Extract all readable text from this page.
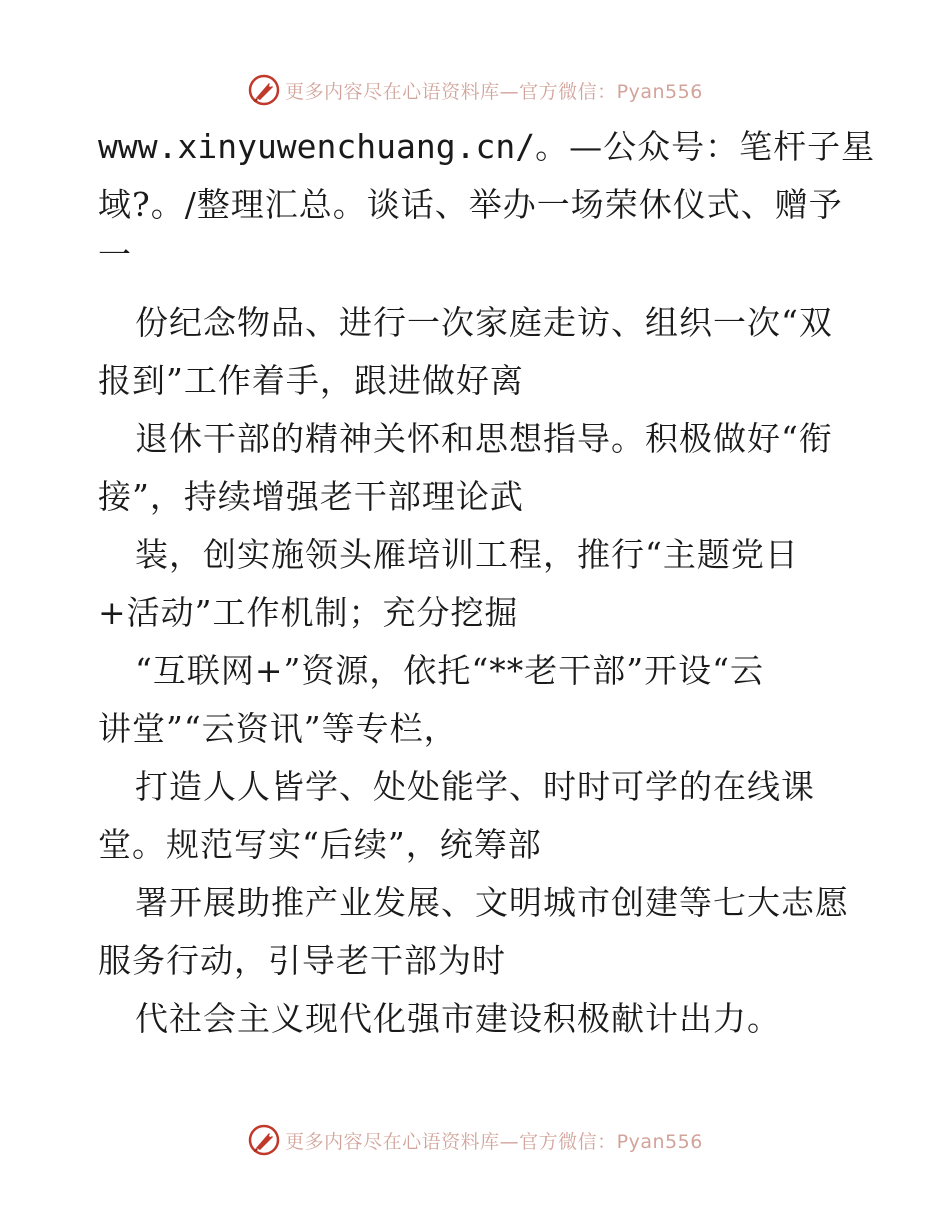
更多内容尽在心语资料库—官方微信：Pyan556
www.xinyuwenchuang.cn/。—公众号：笔杆子星
域?。/整理汇总。谈话、举办一场荣休仪式、赠予
一
份纪念物品、进行一次家庭走访、组织一次“双
报到”工作着手，跟进做好离
退休干部的精神关怀和思想指导。积极做好“衔
接”，持续增强老干部理论武
装，创实施领头雁培训工程，推行“主题党日
+活动”工作机制；充分挖掘
“互联网+”资源，依托“**老干部”开设“云
讲堂”“云资讯”等专栏，
打造人人皆学、处处能学、时时可学的在线课
堂。规范写实“后续”，统筹部
署开展助推产业发展、文明城市创建等七大志愿
服务行动，引导老干部为时
代社会主义现代化强市建设积极献计出力。
更多内容尽在心语资料库—官方微信：Pyan556
